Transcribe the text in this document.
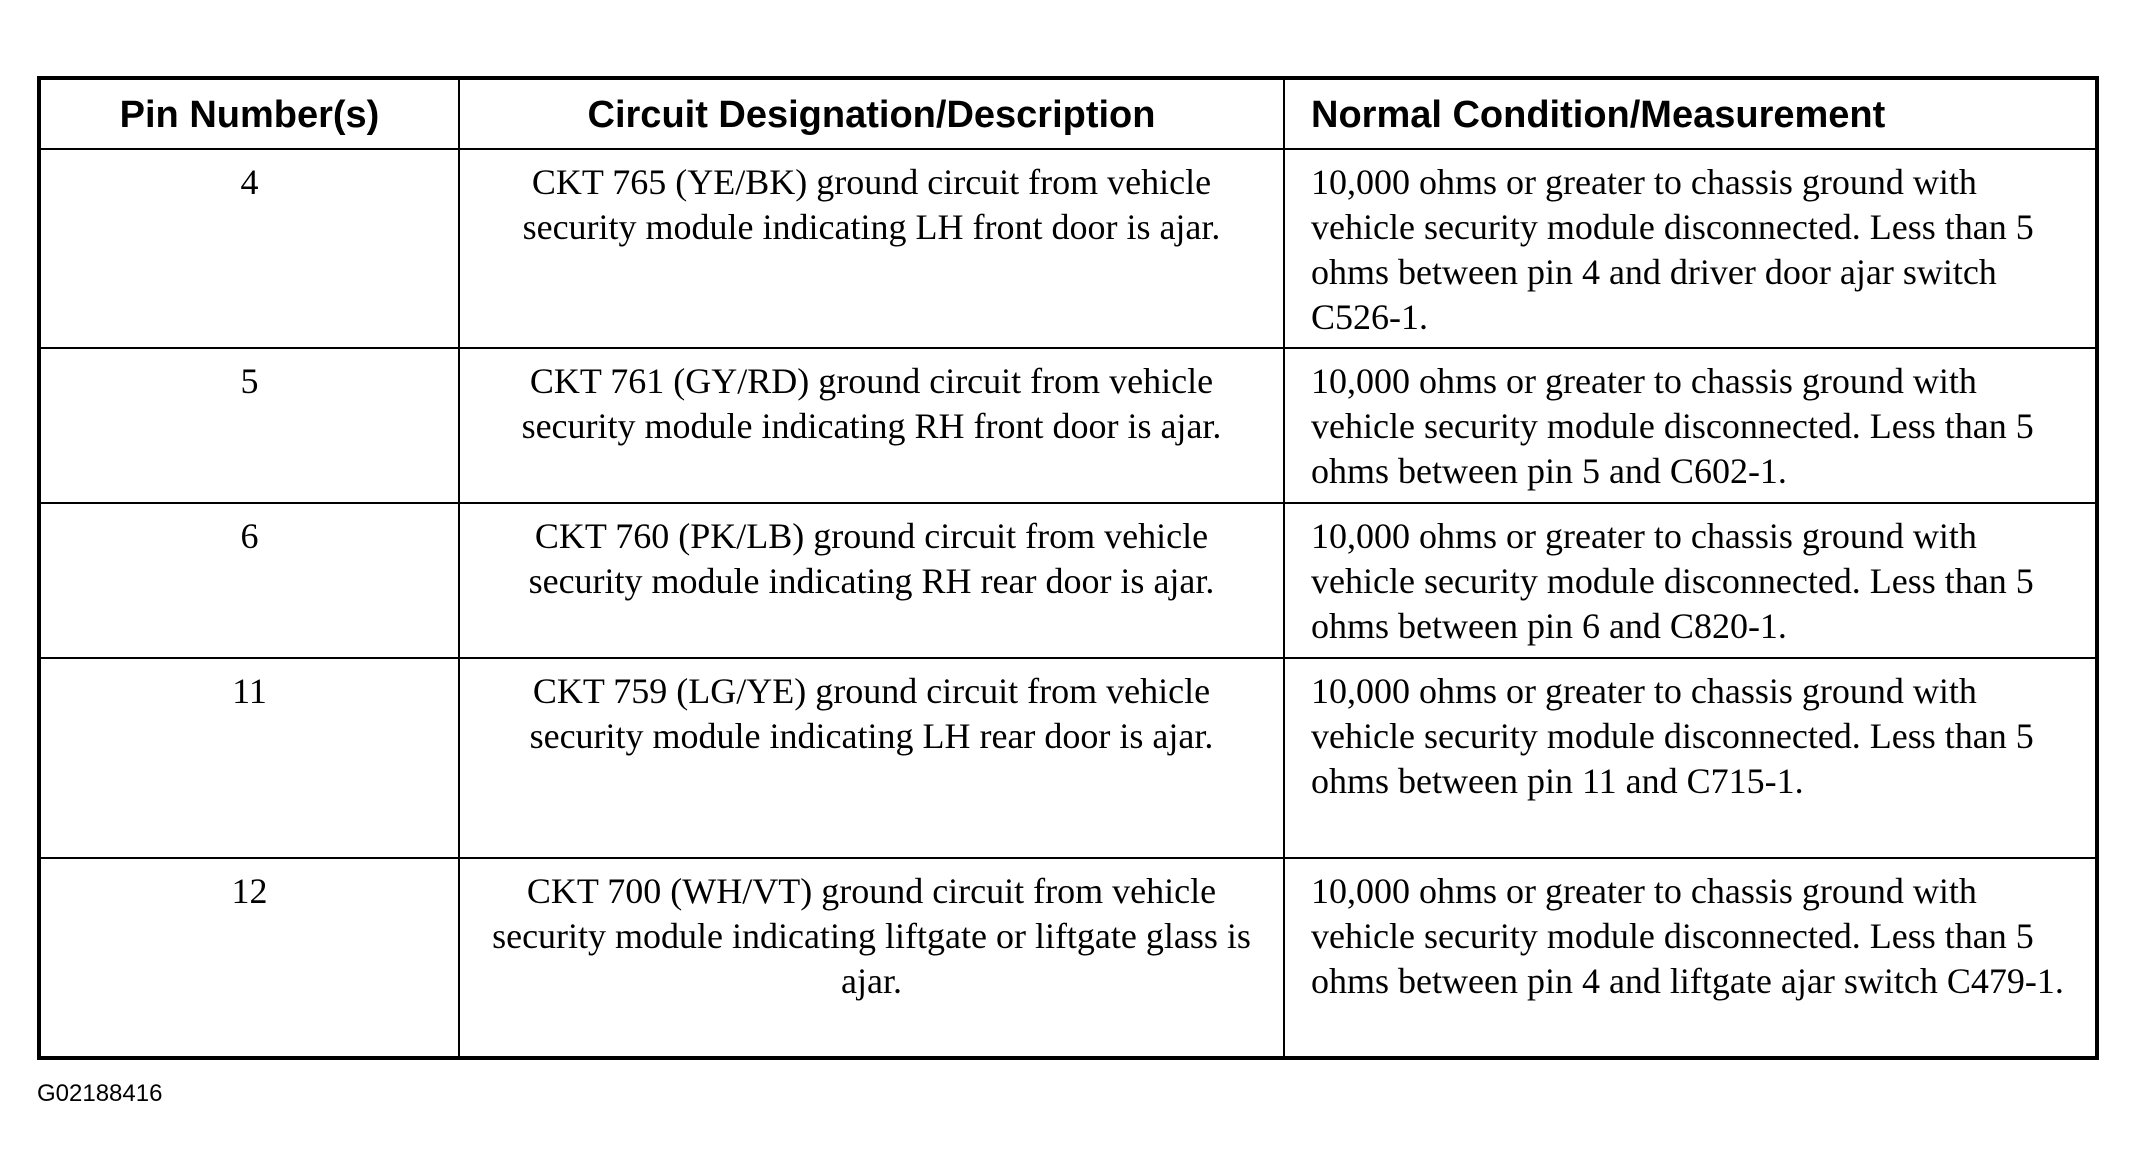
Pin Number(s)	Circuit Designation/Description	Normal Condition/Measurement
4	CKT 765 (YE/BK) ground circuit from vehicle security module indicating LH front door is ajar.	10,000 ohms or greater to chassis ground with vehicle security module disconnected. Less than 5 ohms between pin 4 and driver door ajar switch C526-1.
5	CKT 761 (GY/RD) ground circuit from vehicle security module indicating RH front door is ajar.	10,000 ohms or greater to chassis ground with vehicle security module disconnected. Less than 5 ohms between pin 5 and C602-1.
6	CKT 760 (PK/LB) ground circuit from vehicle security module indicating RH rear door is ajar.	10,000 ohms or greater to chassis ground with vehicle security module disconnected. Less than 5 ohms between pin 6 and C820-1.
11	CKT 759 (LG/YE) ground circuit from vehicle security module indicating LH rear door is ajar.	10,000 ohms or greater to chassis ground with vehicle security module disconnected. Less than 5 ohms between pin 11 and C715-1.
12	CKT 700 (WH/VT) ground circuit from vehicle security module indicating liftgate or liftgate glass is ajar.	10,000 ohms or greater to chassis ground with vehicle security module disconnected. Less than 5 ohms between pin 4 and liftgate ajar switch C479-1.
G02188416
